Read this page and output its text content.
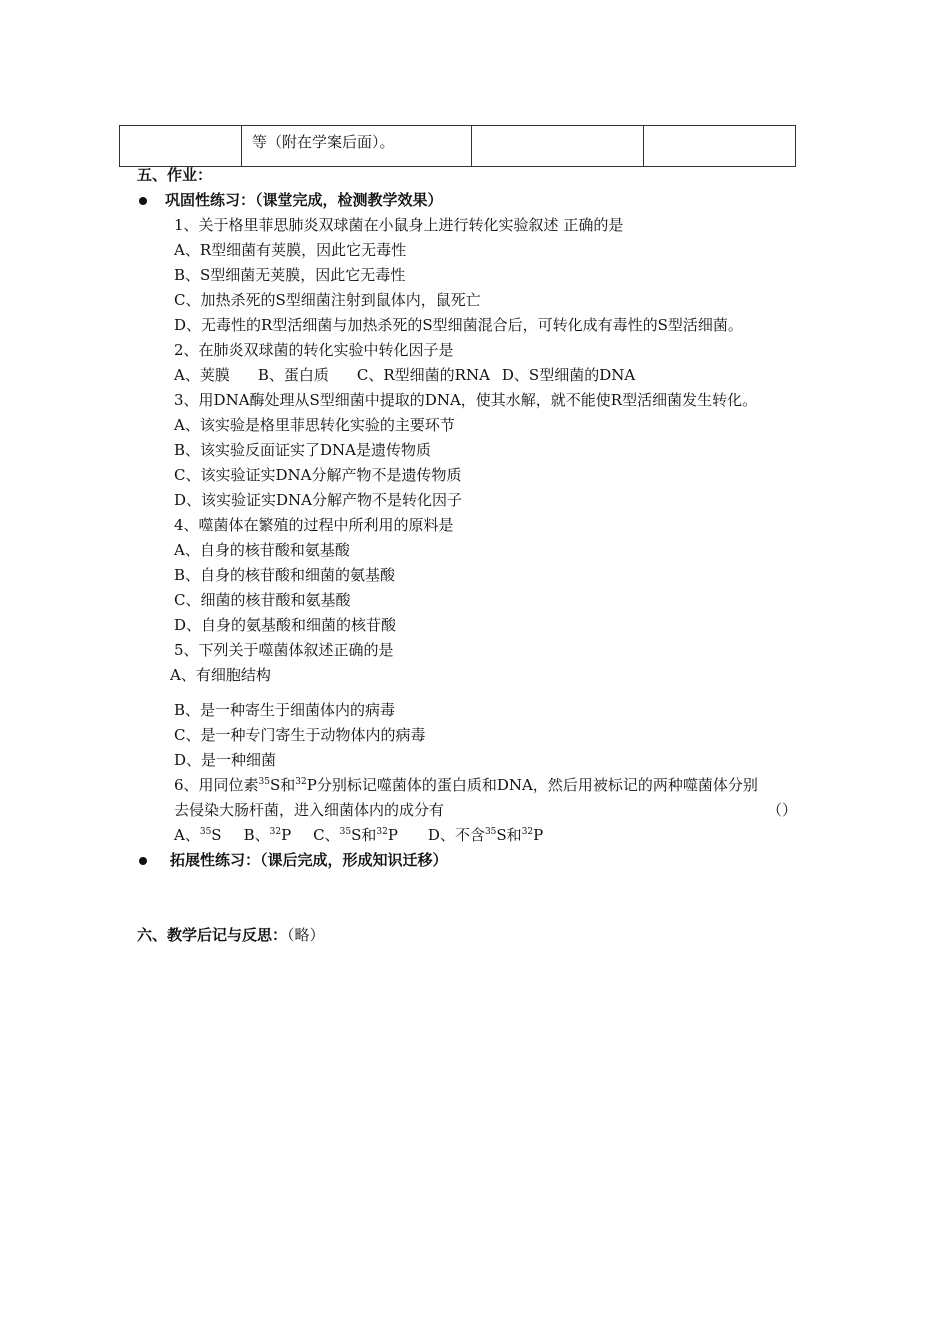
	等（附在学案后面）。		
五、作业：
巩固性练习：（课堂完成，检测教学效果）
1、关于格里菲思肺炎双球菌在小鼠身上进行转化实验叙述 正确的是
A、R型细菌有荚膜，因此它无毒性
B、S型细菌无荚膜，因此它无毒性
C、加热杀死的S型细菌注射到鼠体内，鼠死亡
D、无毒性的R型活细菌与加热杀死的S型细菌混合后，可转化成有毒性的S型活细菌。
2、在肺炎双球菌的转化实验中转化因子是
A、荚膜 B、蛋白质 C、R型细菌的RNA D、S型细菌的DNA
3、用DNA酶处理从S型细菌中提取的DNA，使其水解，就不能使R型活细菌发生转化。
A、该实验是格里菲思转化实验的主要环节
B、该实验反面证实了DNA是遗传物质
C、该实验证实DNA分解产物不是遗传物质
D、该实验证实DNA分解产物不是转化因子
4、噬菌体在繁殖的过程中所利用的原料是
A、自身的核苷酸和氨基酸
B、自身的核苷酸和细菌的氨基酸
C、细菌的核苷酸和氨基酸
D、自身的氨基酸和细菌的核苷酸
5、下列关于噬菌体叙述正确的是
A、有细胞结构
B、是一种寄生于细菌体内的病毒
C、是一种专门寄生于动物体内的病毒
D、是一种细菌
6、用同位素$^{35}$S和$^{32}$P分别标记噬菌体的蛋白质和DNA，然后用被标记的两种噬菌体分别
去侵染大肠杆菌，进入细菌体内的成分有	（）
A、$^{35}$S B、$^{32}$P C、$^{35}$S和$^{32}$P D、不含$^{35}$S和$^{32}$P
拓展性练习：（课后完成，形成知识迁移）
六、教学后记与反思：（略）
